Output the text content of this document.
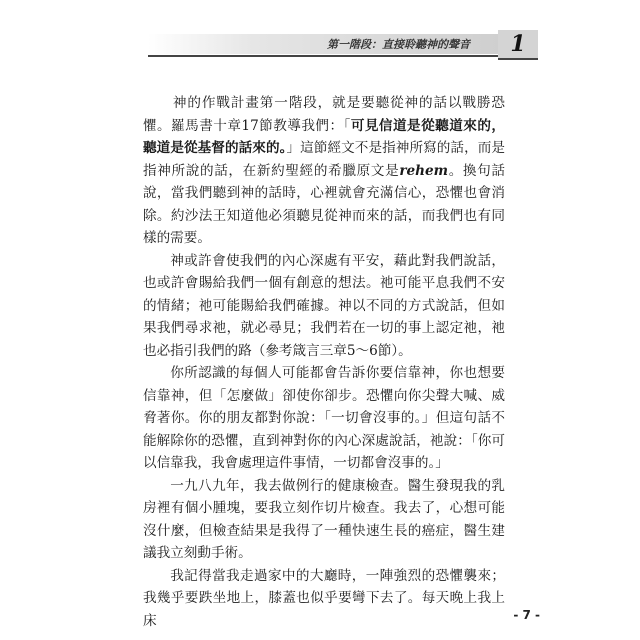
第一階段：直接聆聽神的聲音	1

神的作戰計畫第一階段，就是要聽從神的話以戰勝恐懼。羅馬書十章17節教導我們：「可見信道是從聽道來的，聽道是從基督的話來的。」這節經文不是指神所寫的話，而是指神所說的話，在新約聖經的希臘原文是rehem。換句話說，當我們聽到神的話時，心裡就會充滿信心，恐懼也會消除。約沙法王知道他必須聽見從神而來的話，而我們也有同樣的需要。

神或許會使我們的內心深處有平安，藉此對我們說話，也或許會賜給我們一個有創意的想法。祂可能平息我們不安的情緒；祂可能賜給我們確據。神以不同的方式說話，但如果我們尋求祂，就必尋見；我們若在一切的事上認定祂，祂也必指引我們的路（參考箴言三章5～6節）。

你所認識的每個人可能都會告訴你要信靠神，你也想要信靠神，但「怎麼做」卻使你卻步。恐懼向你尖聲大喊、威脅著你。你的朋友都對你說：「一切會沒事的。」但這句話不能解除你的恐懼，直到神對你的內心深處說話，祂說：「你可以信靠我，我會處理這件事情，一切都會沒事的。」

一九八九年，我去做例行的健康檢查。醫生發現我的乳房裡有個小腫塊，要我立刻作切片檢查。我去了，心想可能沒什麼，但檢查結果是我得了一種快速生長的癌症，醫生建議我立刻動手術。

我記得當我走過家中的大廳時，一陣強烈的恐懼襲來；我幾乎要跌坐地上，膝蓋也似乎要彎下去了。每天晚上我上床	- 7 -
